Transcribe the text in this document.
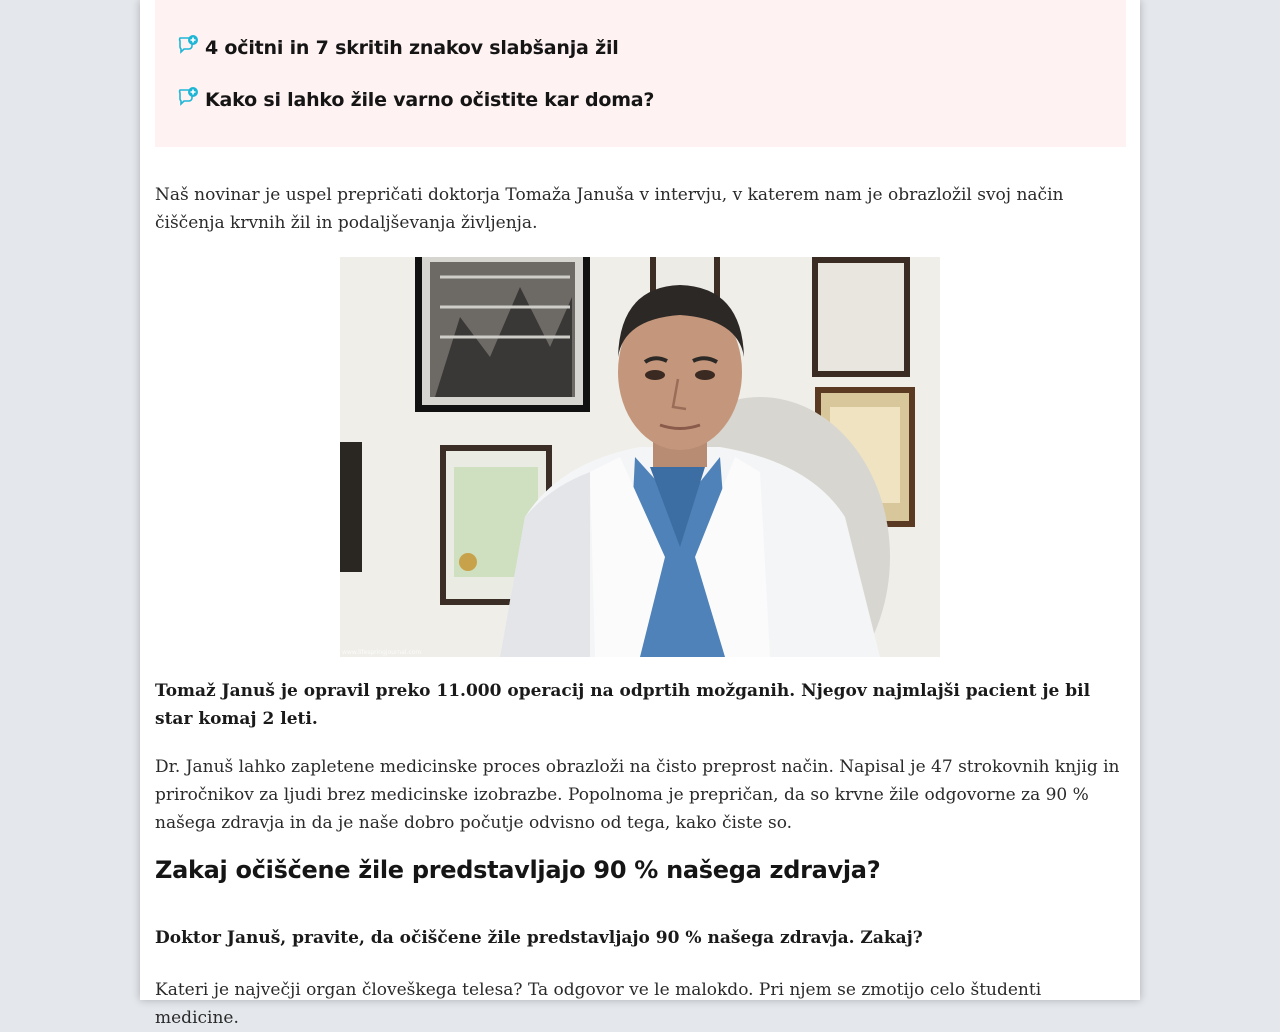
4 očitni in 7 skritih znakov slabšanja žil
Kako si lahko žile varno očistite kar doma?

Naš novinar je uspel prepričati doktorja Tomaža Januša v intervju, v katerem nam je obrazložil svoj način čiščenja krvnih žil in podaljševanja življenja.

www.lifespringjournal.com

Tomaž Januš je opravil preko 11.000 operacij na odprtih možganih. Njegov najmlajši pacient je bil star komaj 2 leti.

Dr. Januš lahko zapletene medicinske proces obrazloži na čisto preprost način. Napisal je 47 strokovnih knjig in priročnikov za ljudi brez medicinske izobrazbe. Popolnoma je prepričan, da so krvne žile odgovorne za 90 % našega zdravja in da je naše dobro počutje odvisno od tega, kako čiste so.

Zakaj očiščene žile predstavljajo 90 % našega zdravja?

Doktor Januš, pravite, da očiščene žile predstavljajo 90 % našega zdravja. Zakaj?

Kateri je največji organ človeškega telesa? Ta odgovor ve le malokdo. Pri njem se zmotijo celo študenti medicine.
